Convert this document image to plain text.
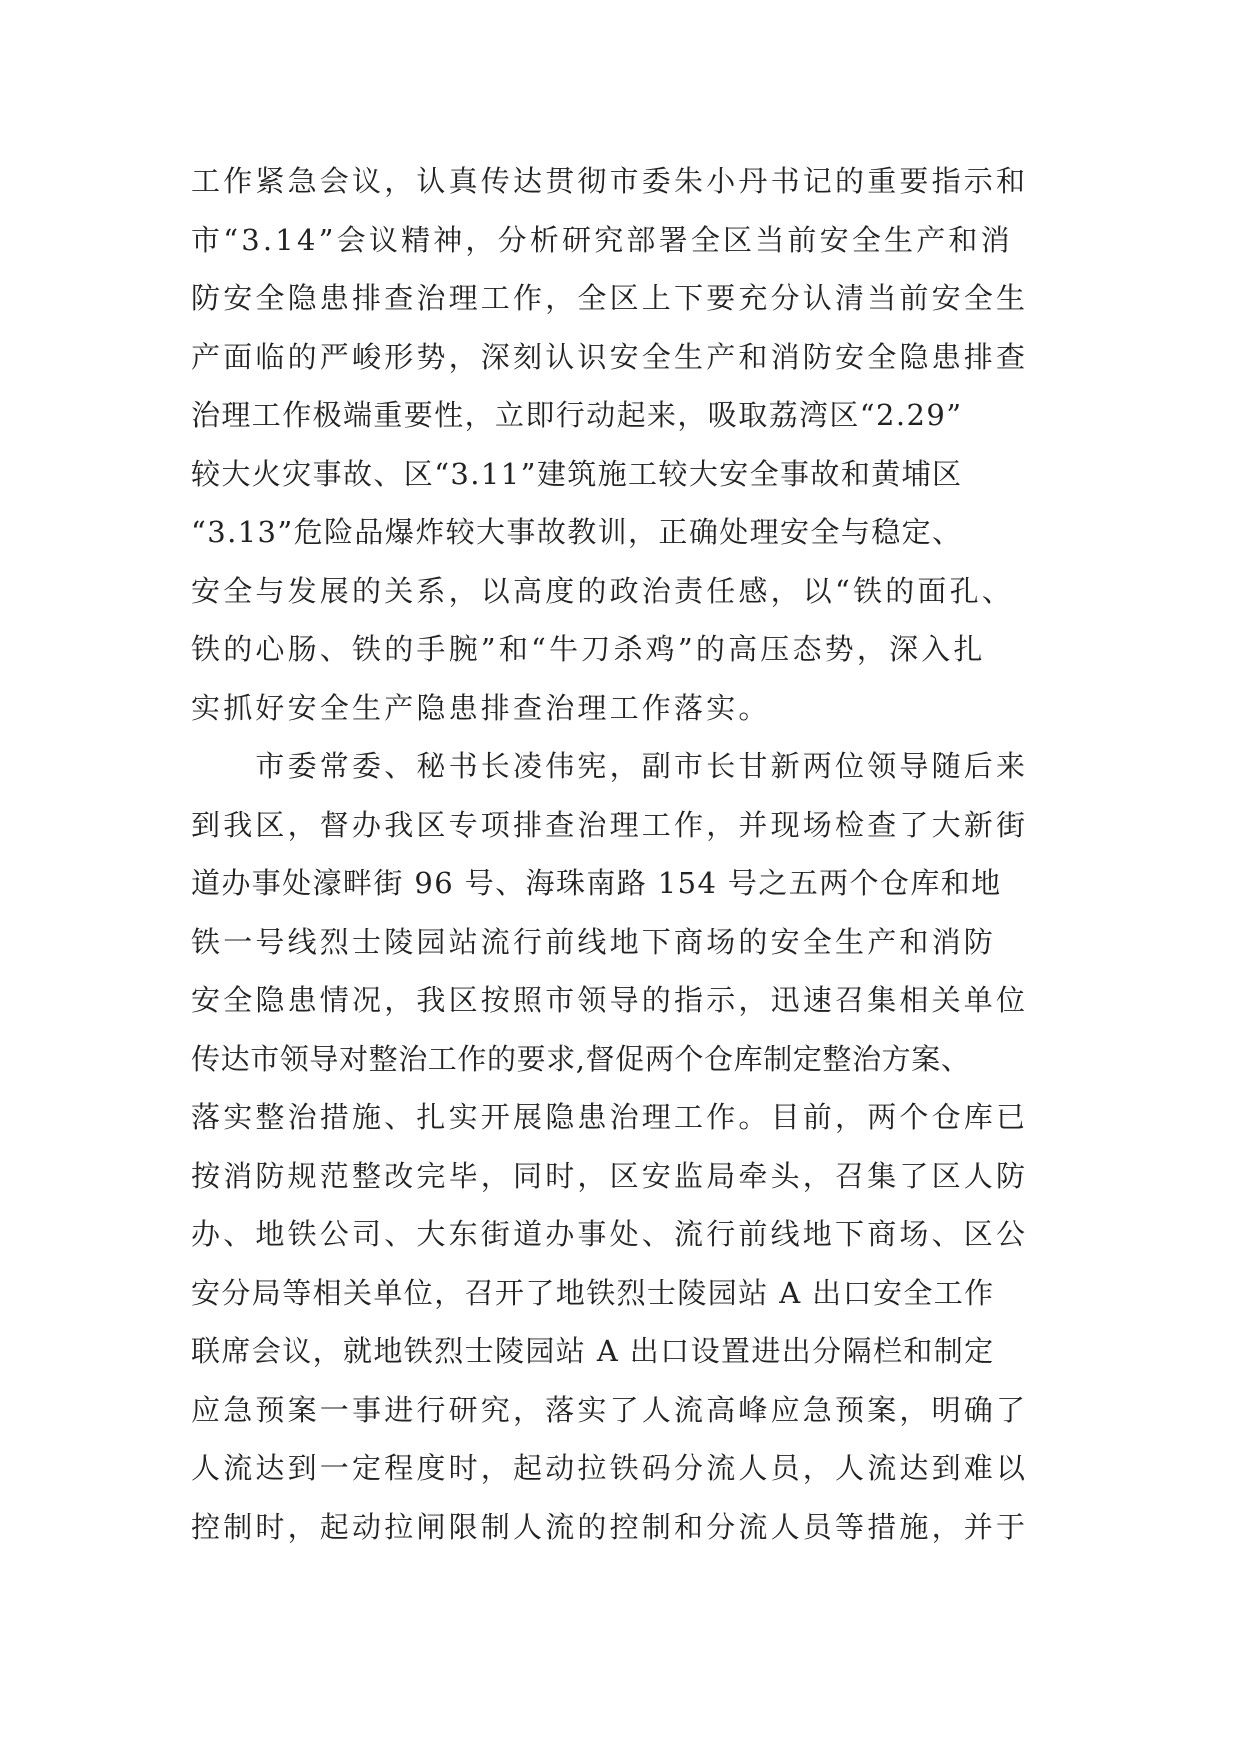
工作紧急会议，认真传达贯彻市委朱小丹书记的重要指示和
市“3.14”会议精神，分析研究部署全区当前安全生产和消
防安全隐患排查治理工作，全区上下要充分认清当前安全生
产面临的严峻形势，深刻认识安全生产和消防安全隐患排查
治理工作极端重要性，立即行动起来，吸取荔湾区“2.29”
较大火灾事故、区“3.11”建筑施工较大安全事故和黄埔区
“3.13”危险品爆炸较大事故教训，正确处理安全与稳定、
安全与发展的关系，以高度的政治责任感，以“铁的面孔、
铁的心肠、铁的手腕”和“牛刀杀鸡”的高压态势，深入扎
实抓好安全生产隐患排查治理工作落实。
　　市委常委、秘书长凌伟宪，副市长甘新两位领导随后来
到我区，督办我区专项排查治理工作，并现场检查了大新街
道办事处濠畔街 96 号、海珠南路 154 号之五两个仓库和地
铁一号线烈士陵园站流行前线地下商场的安全生产和消防
安全隐患情况，我区按照市领导的指示，迅速召集相关单位
传达市领导对整治工作的要求,督促两个仓库制定整治方案、
落实整治措施、扎实开展隐患治理工作。目前，两个仓库已
按消防规范整改完毕，同时，区安监局牵头，召集了区人防
办、地铁公司、大东街道办事处、流行前线地下商场、区公
安分局等相关单位，召开了地铁烈士陵园站 A 出口安全工作
联席会议，就地铁烈士陵园站 A 出口设置进出分隔栏和制定
应急预案一事进行研究，落实了人流高峰应急预案，明确了
人流达到一定程度时，起动拉铁码分流人员，人流达到难以
控制时，起动拉闸限制人流的控制和分流人员等措施，并于
